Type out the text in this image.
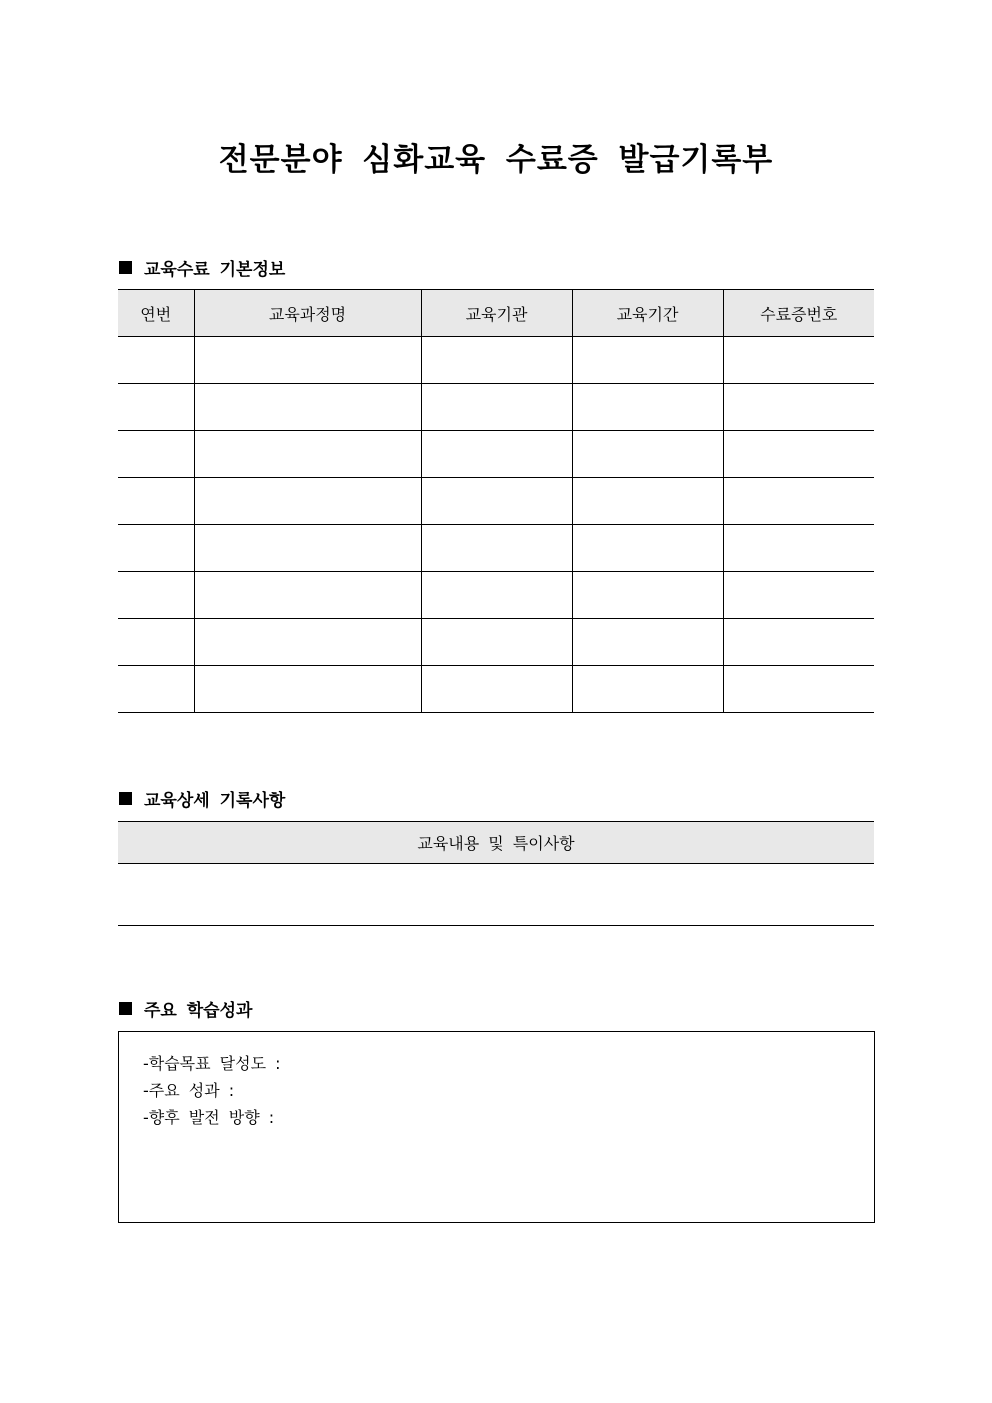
전문분야 심화교육 수료증 발급기록부
교육수료 기본정보
연번	교육과정명	교육기관	교육기간	수료증번호

교육상세 기록사항
교육내용 및 특이사항

주요 학습성과
-학습목표 달성도 :
-주요 성과 :
-향후 발전 방향 :
